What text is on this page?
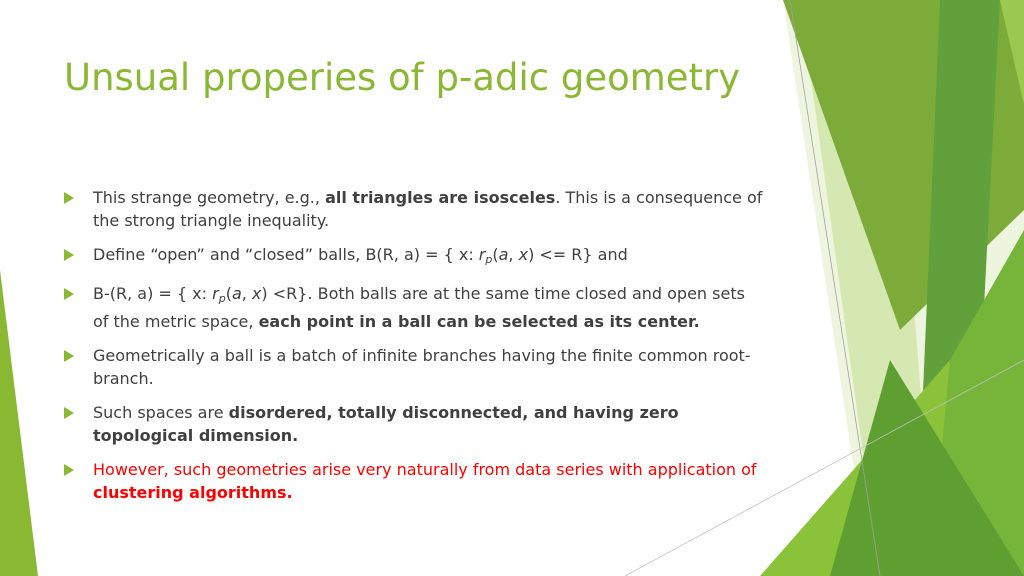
Unsual properies of p-adic geometry
This strange geometry, e.g., all triangles are isosceles. This is a consequence of the strong triangle inequality.
Define “open” and “closed” balls, B(R, a) = { x: $r_p(a$, x) <= R} and
B-(R, a) = { x: $r_p(a$, x) <R}. Both balls are at the same time closed and open sets of the metric space, each point in a ball can be selected as its center.
Geometrically a ball is a batch of infinite branches having the finite common root-branch.
Such spaces are disordered, totally disconnected, and having zero topological dimension.
However, such geometries arise very naturally from data series with application of clustering algorithms.
